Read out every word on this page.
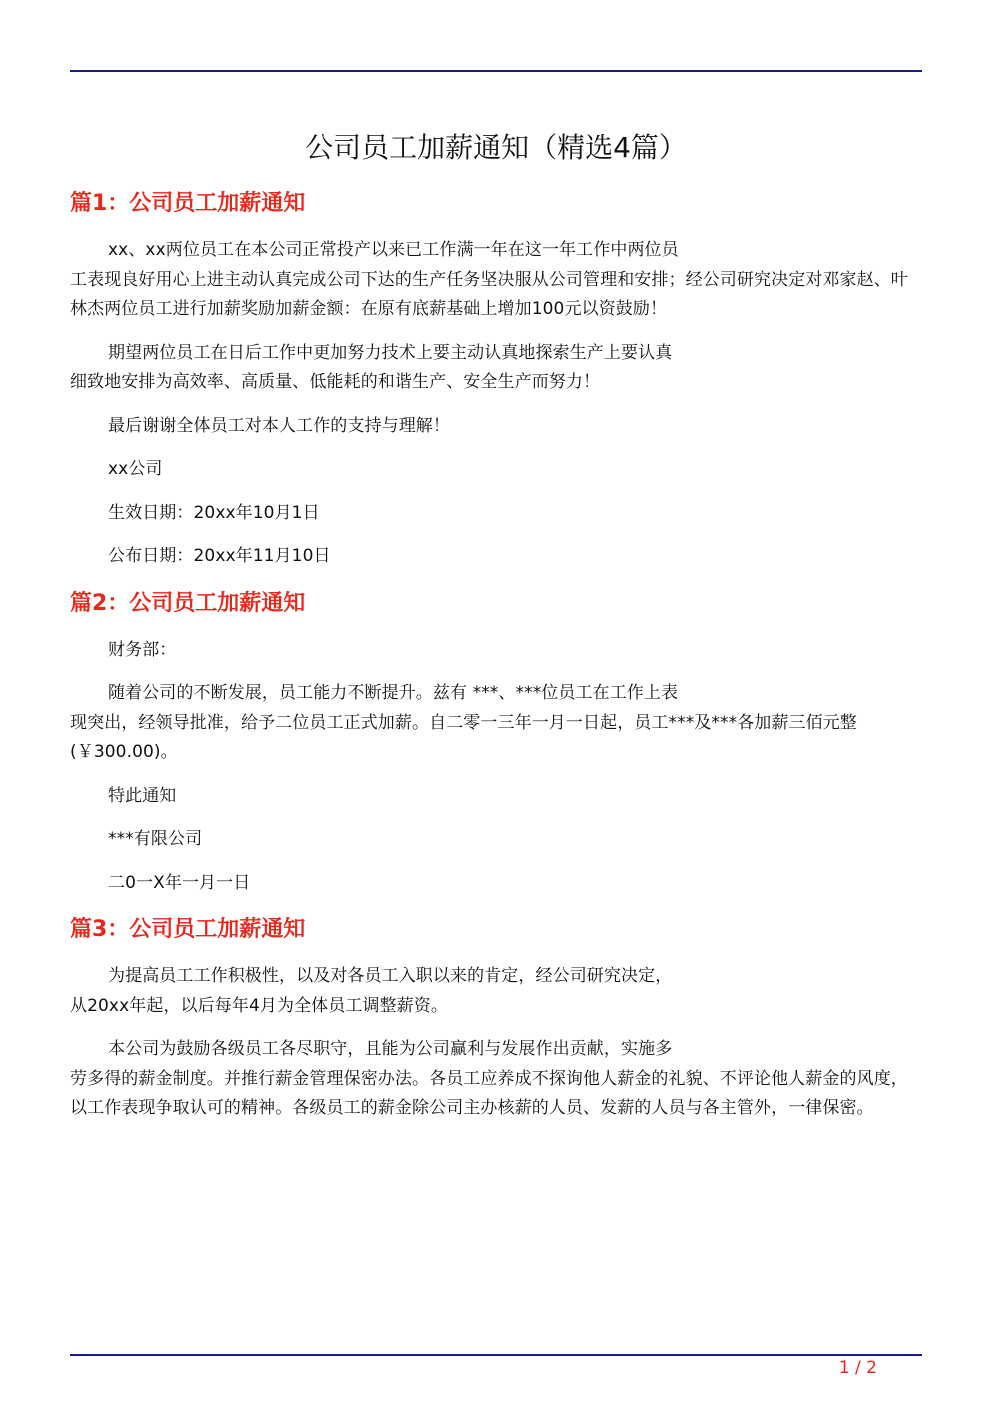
公司员工加薪通知（精选4篇）
篇1：公司员工加薪通知

xx、xx两位员工在本公司正常投产以来已工作满一年在这一年工作中两位员
工表现良好用心上进主动认真完成公司下达的生产任务坚决服从公司管理和安排；经公司研究决定对邓家赵、叶林杰两位员工进行加薪奖励加薪金额：在原有底薪基础上增加100元以资鼓励！

期望两位员工在日后工作中更加努力技术上要主动认真地探索生产上要认真
细致地安排为高效率、高质量、低能耗的和谐生产、安全生产而努力！

最后谢谢全体员工对本人工作的支持与理解！

xx公司

生效日期：20xx年10月1日

公布日期：20xx年11月10日

篇2：公司员工加薪通知

财务部：

随着公司的不断发展，员工能力不断提升。兹有 ***、***位员工在工作上表
现突出，经领导批准，给予二位员工正式加薪。自二零一三年一月一日起，员工***及***各加薪三佰元整(￥300.00)。

特此通知

***有限公司

二0一X年一月一日

篇3：公司员工加薪通知

为提高员工工作积极性，以及对各员工入职以来的肯定，经公司研究决定，
从20xx年起，以后每年4月为全体员工调整薪资。

本公司为鼓励各级员工各尽职守，且能为公司赢利与发展作出贡献，实施多
劳多得的薪金制度。并推行薪金管理保密办法。各员工应养成不探询他人薪金的礼貌、不评论他人薪金的风度，以工作表现争取认可的精神。各级员工的薪金除公司主办核薪的人员、发薪的人员与各主管外，一律保密。

1 / 2
